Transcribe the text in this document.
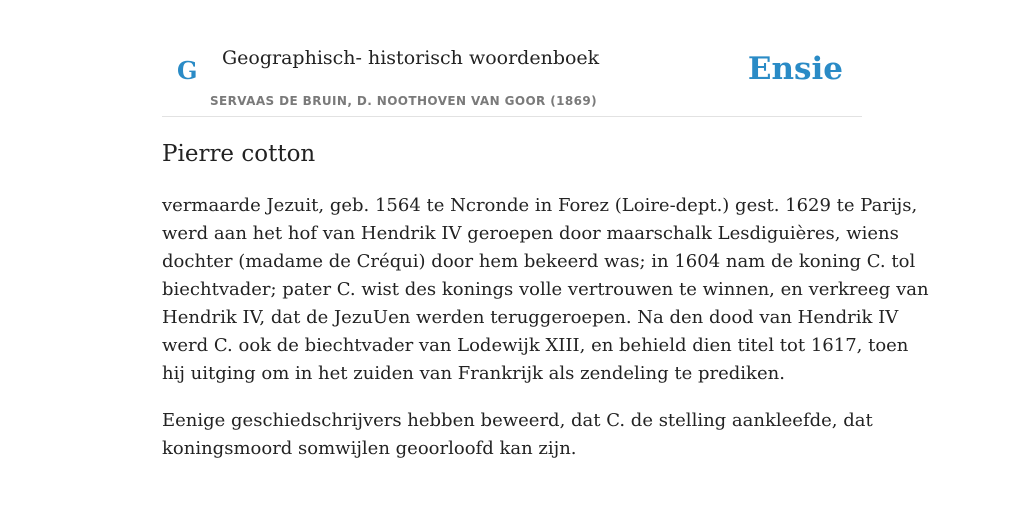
G Geographisch- historisch woordenboek
SERVAAS DE BRUIN, D. NOOTHOVEN VAN GOOR (1869)
Ensie
Pierre cotton

vermaarde Jezuit, geb. 1564 te Ncronde in Forez (Loire-dept.) gest. 1629 te Parijs,
werd aan het hof van Hendrik IV geroepen door maarschalk Lesdiguières, wiens
dochter (madame de Créqui) door hem bekeerd was; in 1604 nam de koning C. tol
biechtvader; pater C. wist des konings volle vertrouwen te winnen, en verkreeg van
Hendrik IV, dat de JezuUen werden teruggeroepen. Na den dood van Hendrik IV
werd C. ook de biechtvader van Lodewijk XIII, en behield dien titel tot 1617, toen
hij uitging om in het zuiden van Frankrijk als zendeling te prediken.

Eenige geschiedschrijvers hebben beweerd, dat C. de stelling aankleefde, dat
koningsmoord somwijlen geoorloofd kan zijn.
